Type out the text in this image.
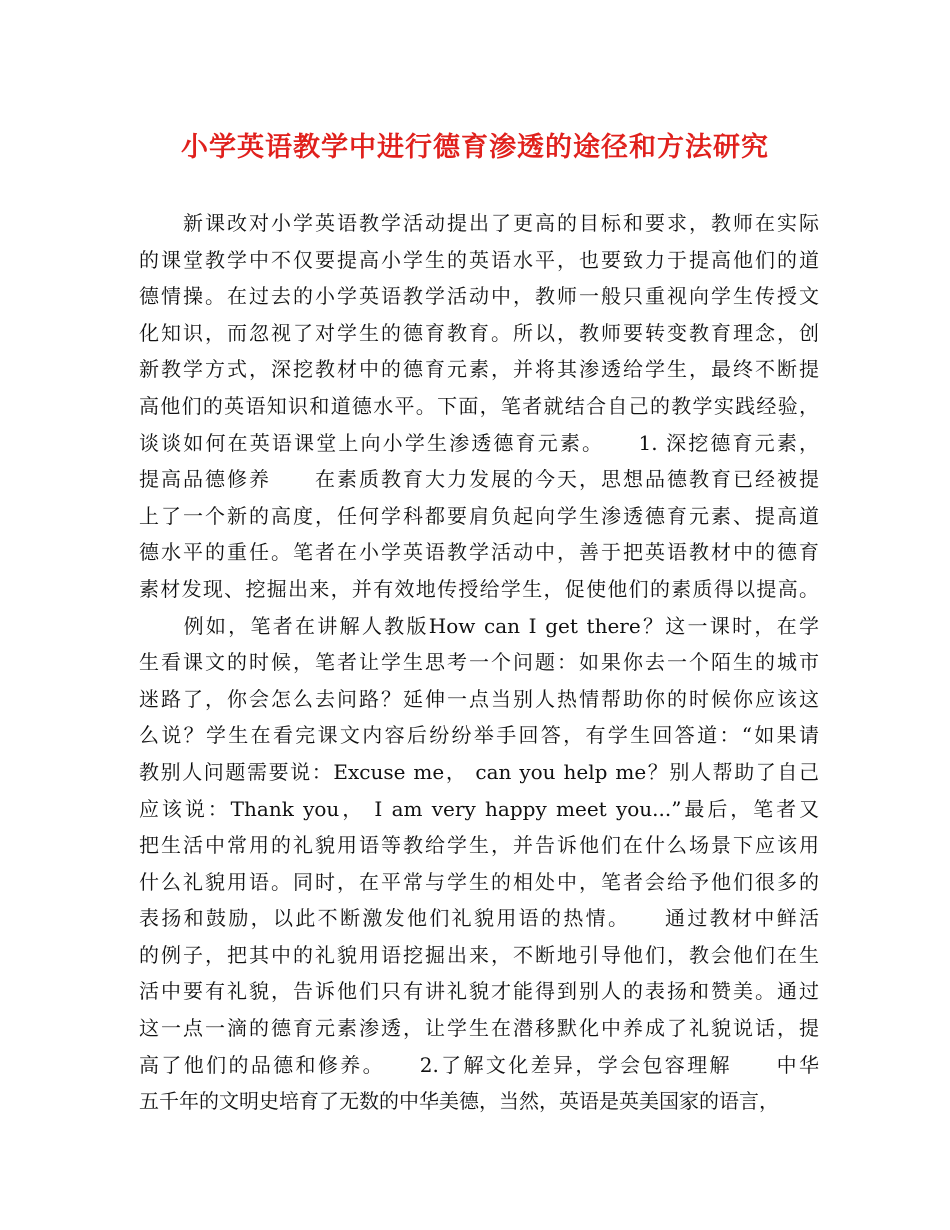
小学英语教学中进行德育渗透的途径和方法研究
　　新课改对小学英语教学活动提出了更高的目标和要求，教师在实际
的课堂教学中不仅要提高小学生的英语水平，也要致力于提高他们的道
德情操。在过去的小学英语教学活动中，教师一般只重视向学生传授文
化知识，而忽视了对学生的德育教育。所以，教师要转变教育理念，创
新教学方式，深挖教材中的德育元素，并将其渗透给学生，最终不断提
高他们的英语知识和道德水平。下面，笔者就结合自己的教学实践经验，
谈谈如何在英语课堂上向小学生渗透德育元素。　　1. 深挖德育元素，
提高品德修养　　在素质教育大力发展的今天，思想品德教育已经被提
上了一个新的高度，任何学科都要肩负起向学生渗透德育元素、提高道
德水平的重任。笔者在小学英语教学活动中，善于把英语教材中的德育
素材发现、挖掘出来，并有效地传授给学生，促使他们的素质得以提高。
　　例如，笔者在讲解人教版How can I get there？这一课时，在学
生看课文的时候，笔者让学生思考一个问题：如果你去一个陌生的城市
迷路了，你会怎么去问路？延伸一点当别人热情帮助你的时候你应该这
么说？学生在看完课文内容后纷纷举手回答，有学生回答道：“如果请
教别人问题需要说：Excuse me， can you help me？别人帮助了自己
应该说：Thank you， I am very happy meet you...”最后，笔者又
把生活中常用的礼貌用语等教给学生，并告诉他们在什么场景下应该用
什么礼貌用语。同时，在平常与学生的相处中，笔者会给予他们很多的
表扬和鼓励，以此不断激发他们礼貌用语的热情。　　通过教材中鲜活
的例子，把其中的礼貌用语挖掘出来，不断地引导他们，教会他们在生
活中要有礼貌，告诉他们只有讲礼貌才能得到别人的表扬和赞美。通过
这一点一滴的德育元素渗透，让学生在潜移默化中养成了礼貌说话，提
高了他们的品德和修养。　　2.了解文化差异，学会包容理解　　中华
五千年的文明史培育了无数的中华美德，当然，英语是英美国家的语言，
